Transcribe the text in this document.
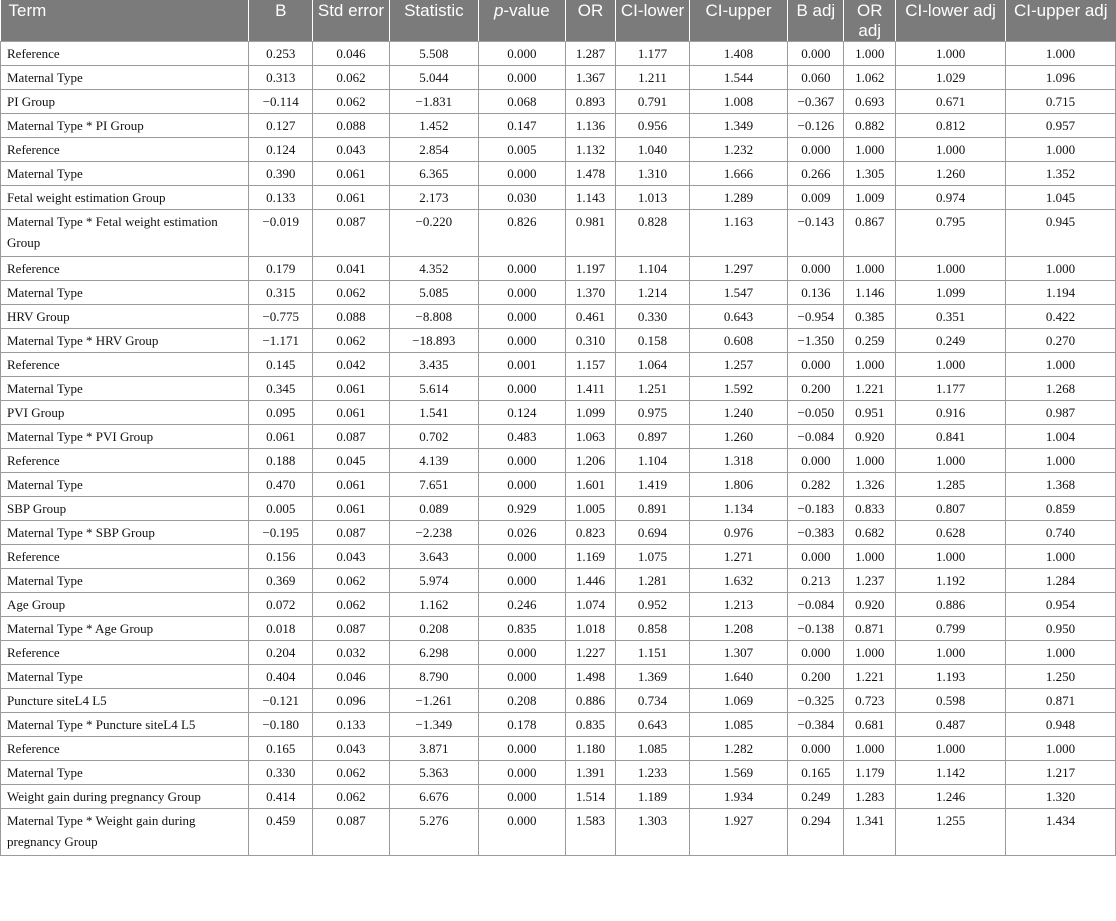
Term	B	Std error	Statistic	p-value	OR	CI-lower	CI-upper	B adj	OR adj	CI-lower adj	CI-upper adj
Reference	0.253	0.046	5.508	0.000	1.287	1.177	1.408	0.000	1.000	1.000	1.000
Maternal Type	0.313	0.062	5.044	0.000	1.367	1.211	1.544	0.060	1.062	1.029	1.096
PI Group	−0.114	0.062	−1.831	0.068	0.893	0.791	1.008	−0.367	0.693	0.671	0.715
Maternal Type * PI Group	0.127	0.088	1.452	0.147	1.136	0.956	1.349	−0.126	0.882	0.812	0.957
Reference	0.124	0.043	2.854	0.005	1.132	1.040	1.232	0.000	1.000	1.000	1.000
Maternal Type	0.390	0.061	6.365	0.000	1.478	1.310	1.666	0.266	1.305	1.260	1.352
Fetal weight estimation Group	0.133	0.061	2.173	0.030	1.143	1.013	1.289	0.009	1.009	0.974	1.045
Maternal Type * Fetal weight estimation Group	−0.019	0.087	−0.220	0.826	0.981	0.828	1.163	−0.143	0.867	0.795	0.945
Reference	0.179	0.041	4.352	0.000	1.197	1.104	1.297	0.000	1.000	1.000	1.000
Maternal Type	0.315	0.062	5.085	0.000	1.370	1.214	1.547	0.136	1.146	1.099	1.194
HRV Group	−0.775	0.088	−8.808	0.000	0.461	0.330	0.643	−0.954	0.385	0.351	0.422
Maternal Type * HRV Group	−1.171	0.062	−18.893	0.000	0.310	0.158	0.608	−1.350	0.259	0.249	0.270
Reference	0.145	0.042	3.435	0.001	1.157	1.064	1.257	0.000	1.000	1.000	1.000
Maternal Type	0.345	0.061	5.614	0.000	1.411	1.251	1.592	0.200	1.221	1.177	1.268
PVI Group	0.095	0.061	1.541	0.124	1.099	0.975	1.240	−0.050	0.951	0.916	0.987
Maternal Type * PVI Group	0.061	0.087	0.702	0.483	1.063	0.897	1.260	−0.084	0.920	0.841	1.004
Reference	0.188	0.045	4.139	0.000	1.206	1.104	1.318	0.000	1.000	1.000	1.000
Maternal Type	0.470	0.061	7.651	0.000	1.601	1.419	1.806	0.282	1.326	1.285	1.368
SBP Group	0.005	0.061	0.089	0.929	1.005	0.891	1.134	−0.183	0.833	0.807	0.859
Maternal Type * SBP Group	−0.195	0.087	−2.238	0.026	0.823	0.694	0.976	−0.383	0.682	0.628	0.740
Reference	0.156	0.043	3.643	0.000	1.169	1.075	1.271	0.000	1.000	1.000	1.000
Maternal Type	0.369	0.062	5.974	0.000	1.446	1.281	1.632	0.213	1.237	1.192	1.284
Age Group	0.072	0.062	1.162	0.246	1.074	0.952	1.213	−0.084	0.920	0.886	0.954
Maternal Type * Age Group	0.018	0.087	0.208	0.835	1.018	0.858	1.208	−0.138	0.871	0.799	0.950
Reference	0.204	0.032	6.298	0.000	1.227	1.151	1.307	0.000	1.000	1.000	1.000
Maternal Type	0.404	0.046	8.790	0.000	1.498	1.369	1.640	0.200	1.221	1.193	1.250
Puncture siteL4 L5	−0.121	0.096	−1.261	0.208	0.886	0.734	1.069	−0.325	0.723	0.598	0.871
Maternal Type * Puncture siteL4 L5	−0.180	0.133	−1.349	0.178	0.835	0.643	1.085	−0.384	0.681	0.487	0.948
Reference	0.165	0.043	3.871	0.000	1.180	1.085	1.282	0.000	1.000	1.000	1.000
Maternal Type	0.330	0.062	5.363	0.000	1.391	1.233	1.569	0.165	1.179	1.142	1.217
Weight gain during pregnancy Group	0.414	0.062	6.676	0.000	1.514	1.189	1.934	0.249	1.283	1.246	1.320
Maternal Type * Weight gain during pregnancy Group	0.459	0.087	5.276	0.000	1.583	1.303	1.927	0.294	1.341	1.255	1.434
